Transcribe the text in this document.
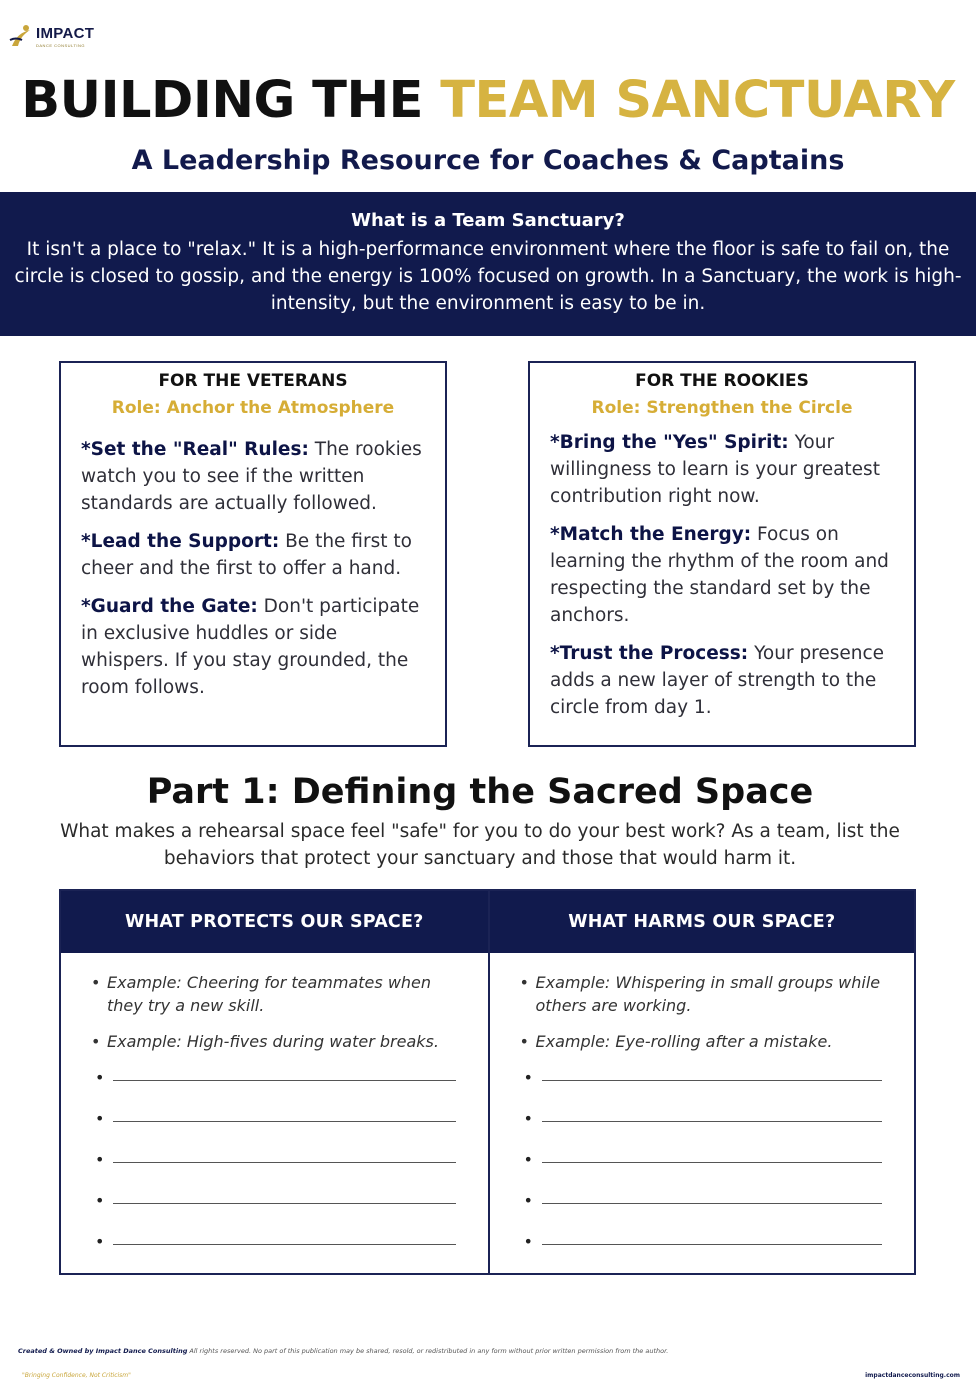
IMPACT
DANCE CONSULTING
BUILDING THE TEAM SANCTUARY
A Leadership Resource for Coaches & Captains
What is a Team Sanctuary?
It isn't a place to "relax." It is a high-performance environment where the floor is safe to fail on, the circle is closed to gossip, and the energy is 100% focused on growth. In a Sanctuary, the work is high-intensity, but the environment is easy to be in.
FOR THE VETERANS
Role: Anchor the Atmosphere
*Set the "Real" Rules: The rookies watch you to see if the written standards are actually followed.
*Lead the Support: Be the first to cheer and the first to offer a hand.
*Guard the Gate: Don't participate in exclusive huddles or side whispers. If you stay grounded, the room follows.
FOR THE ROOKIES
Role: Strengthen the Circle
*Bring the "Yes" Spirit: Your willingness to learn is your greatest contribution right now.
*Match the Energy: Focus on learning the rhythm of the room and respecting the standard set by the anchors.
*Trust the Process: Your presence adds a new layer of strength to the circle from day 1.
Part 1: Defining the Sacred Space
What makes a rehearsal space feel "safe" for you to do your best work? As a team, list the behaviors that protect your sanctuary and those that would harm it.
WHAT PROTECTS OUR SPACE?
• Example: Cheering for teammates when they try a new skill.
• Example: High-fives during water breaks.
•
•
•
•
•
WHAT HARMS OUR SPACE?
• Example: Whispering in small groups while others are working.
• Example: Eye-rolling after a mistake.
•
•
•
•
•
Created & Owned by Impact Dance Consulting All rights reserved. No part of this publication may be shared, resold, or redistributed in any form without prior written permission from the author.
"Bringing Confidence, Not Criticism"	impactdanceconsulting.com
